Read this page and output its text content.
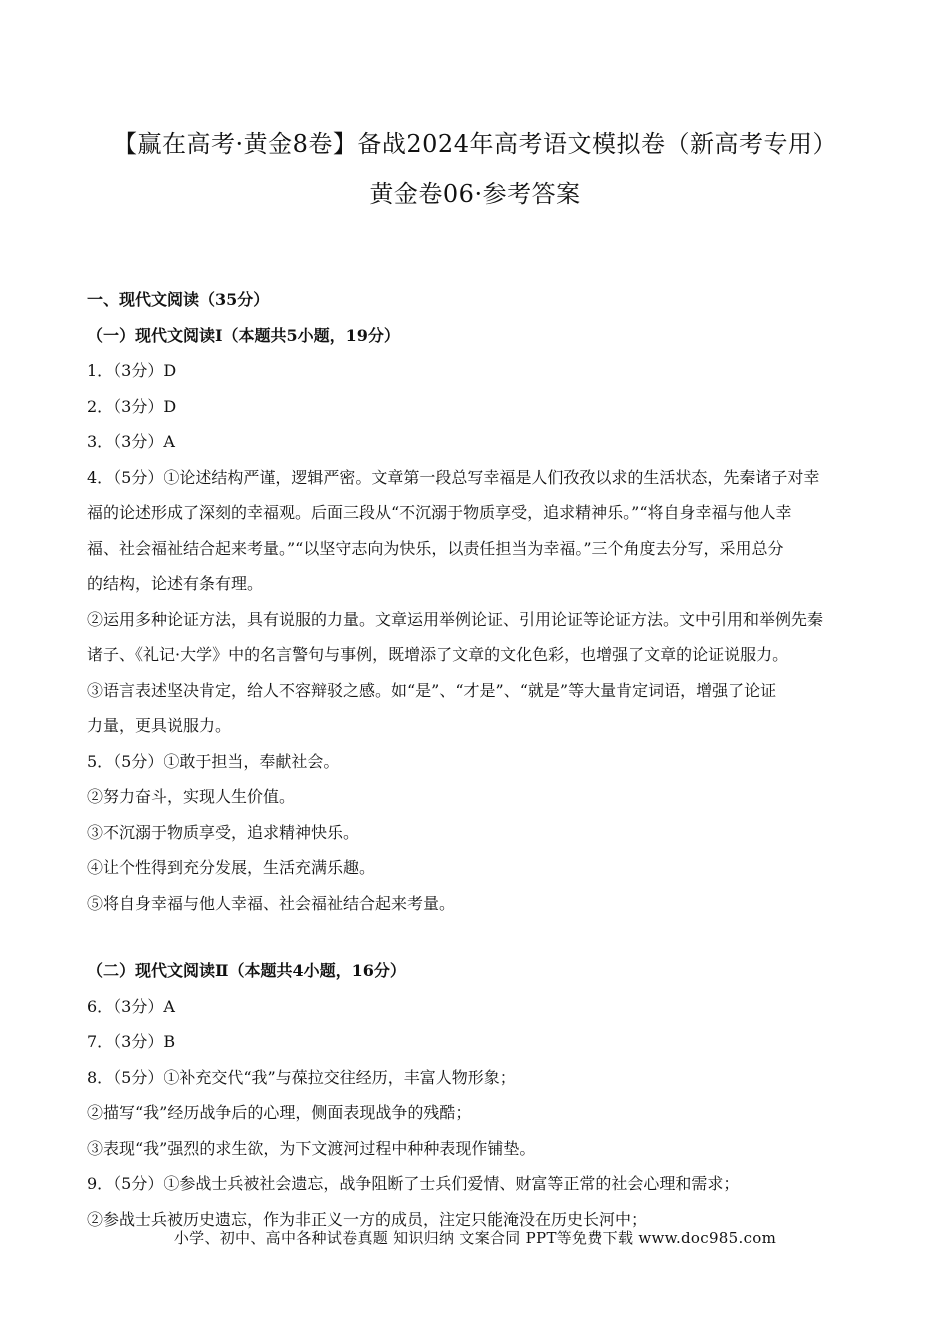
【赢在高考·黄金8卷】备战2024年高考语文模拟卷（新高考专用）
黄金卷06·参考答案
一、现代文阅读（35分）
（一）现代文阅读Ⅰ（本题共5小题，19分）
1．（3分）D
2．（3分）D
3．（3分）A
4．（5分）①论述结构严谨，逻辑严密。文章第一段总写幸福是人们孜孜以求的生活状态，先秦诸子对幸
福的论述形成了深刻的幸福观。后面三段从“不沉溺于物质享受，追求精神乐。”“将自身幸福与他人幸
福、社会福祉结合起来考量。”“以坚守志向为快乐，以责任担当为幸福。”三个角度去分写，采用总分
的结构，论述有条有理。
②运用多种论证方法，具有说服的力量。文章运用举例论证、引用论证等论证方法。文中引用和举例先秦
诸子、《礼记·大学》中的名言警句与事例，既增添了文章的文化色彩，也增强了文章的论证说服力。
③语言表述坚决肯定，给人不容辩驳之感。如“是”、“才是”、“就是”等大量肯定词语，增强了论证
力量，更具说服力。
5．（5分）①敢于担当，奉献社会。
②努力奋斗，实现人生价值。
③不沉溺于物质享受，追求精神快乐。
④让个性得到充分发展，生活充满乐趣。
⑤将自身幸福与他人幸福、社会福祉结合起来考量。
（二）现代文阅读Ⅱ（本题共4小题，16分）
6．（3分）A
7．（3分）B
8．（5分）①补充交代“我”与葆拉交往经历，丰富人物形象；
②描写“我”经历战争后的心理，侧面表现战争的残酷；
③表现“我”强烈的求生欲，为下文渡河过程中种种表现作铺垫。
9．（5分）①参战士兵被社会遗忘，战争阻断了士兵们爱情、财富等正常的社会心理和需求；
②参战士兵被历史遗忘，作为非正义一方的成员，注定只能淹没在历史长河中；
小学、初中、高中各种试卷真题 知识归纳 文案合同 PPT等免费下载 www.doc985.com
